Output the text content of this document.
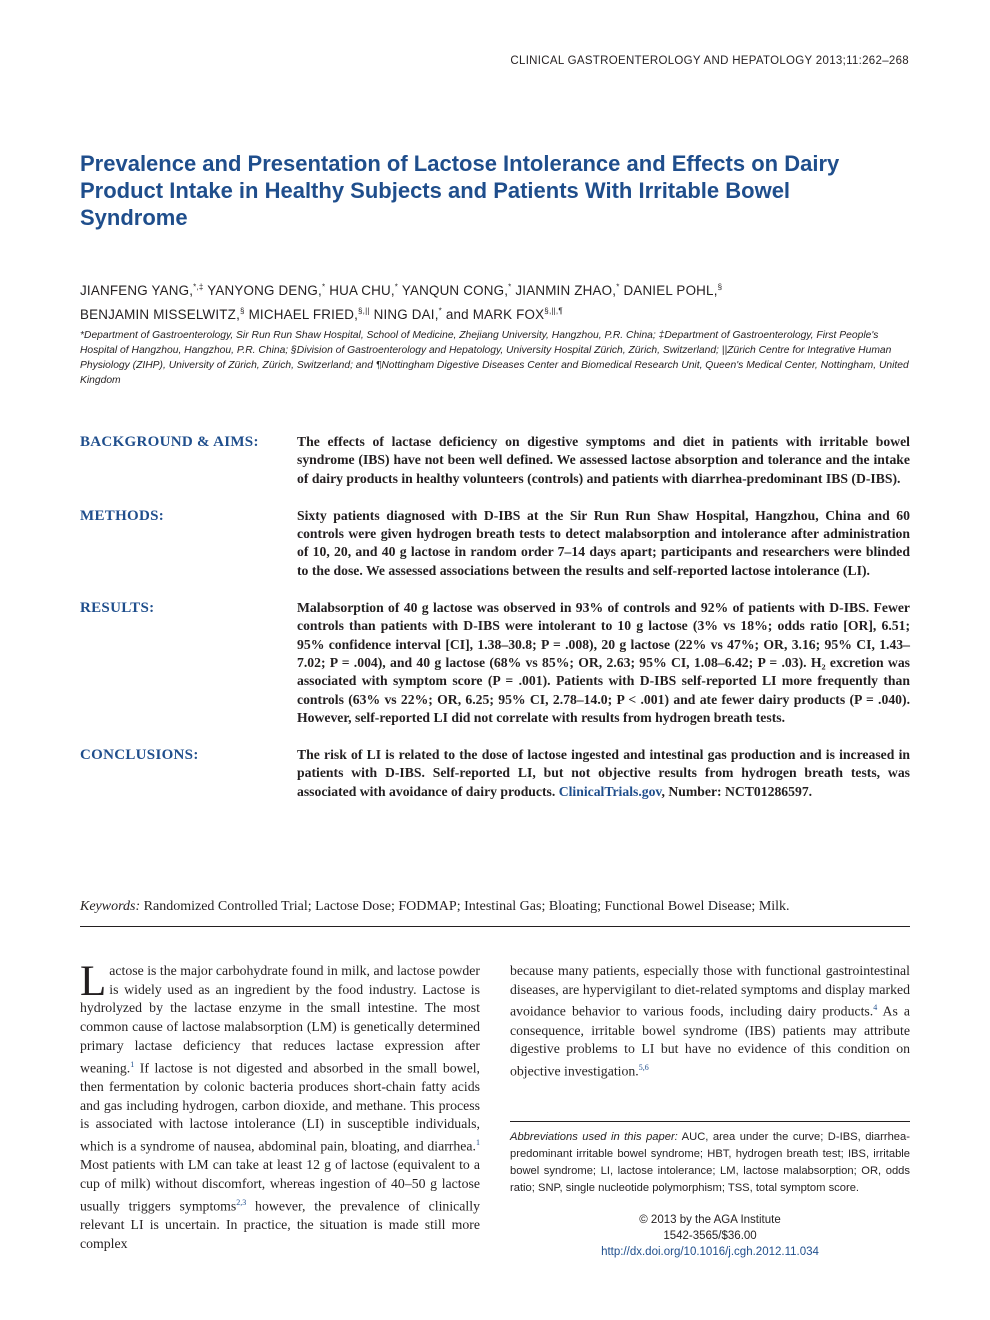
CLINICAL GASTROENTEROLOGY AND HEPATOLOGY 2013;11:262–268
Prevalence and Presentation of Lactose Intolerance and Effects on Dairy Product Intake in Healthy Subjects and Patients With Irritable Bowel Syndrome
JIANFENG YANG,*,‡ YANYONG DENG,* HUA CHU,* YANQUN CONG,* JIANMIN ZHAO,* DANIEL POHL,§
BENJAMIN MISSELWITZ,§ MICHAEL FRIED,§,|| NING DAI,* and MARK FOX§,||,¶
*Department of Gastroenterology, Sir Run Run Shaw Hospital, School of Medicine, Zhejiang University, Hangzhou, P.R. China; ‡Department of Gastroenterology, First People's Hospital of Hangzhou, Hangzhou, P.R. China; §Division of Gastroenterology and Hepatology, University Hospital Zürich, Zürich, Switzerland; ||Zürich Centre for Integrative Human Physiology (ZIHP), University of Zürich, Zürich, Switzerland; and ¶Nottingham Digestive Diseases Center and Biomedical Research Unit, Queen's Medical Center, Nottingham, United Kingdom
BACKGROUND & AIMS:	The effects of lactase deficiency on digestive symptoms and diet in patients with irritable bowel syndrome (IBS) have not been well defined. We assessed lactose absorption and tolerance and the intake of dairy products in healthy volunteers (controls) and patients with diarrhea-predominant IBS (D-IBS).
METHODS:	Sixty patients diagnosed with D-IBS at the Sir Run Run Shaw Hospital, Hangzhou, China and 60 controls were given hydrogen breath tests to detect malabsorption and intolerance after administration of 10, 20, and 40 g lactose in random order 7–14 days apart; participants and researchers were blinded to the dose. We assessed associations between the results and self-reported lactose intolerance (LI).
RESULTS:	Malabsorption of 40 g lactose was observed in 93% of controls and 92% of patients with D-IBS. Fewer controls than patients with D-IBS were intolerant to 10 g lactose (3% vs 18%; odds ratio [OR], 6.51; 95% confidence interval [CI], 1.38–30.8; P = .008), 20 g lactose (22% vs 47%; OR, 3.16; 95% CI, 1.43–7.02; P = .004), and 40 g lactose (68% vs 85%; OR, 2.63; 95% CI, 1.08–6.42; P = .03). H₂ excretion was associated with symptom score (P = .001). Patients with D-IBS self-reported LI more frequently than controls (63% vs 22%; OR, 6.25; 95% CI, 2.78–14.0; P < .001) and ate fewer dairy products (P = .040). However, self-reported LI did not correlate with results from hydrogen breath tests.
CONCLUSIONS:	The risk of LI is related to the dose of lactose ingested and intestinal gas production and is increased in patients with D-IBS. Self-reported LI, but not objective results from hydrogen breath tests, was associated with avoidance of dairy products. ClinicalTrials.gov, Number: NCT01286597.
Keywords: Randomized Controlled Trial; Lactose Dose; FODMAP; Intestinal Gas; Bloating; Functional Bowel Disease; Milk.
Lactose is the major carbohydrate found in milk, and lactose powder is widely used as an ingredient by the food industry. Lactose is hydrolyzed by the lactase enzyme in the small intestine. The most common cause of lactose malabsorption (LM) is genetically determined primary lactase deficiency that reduces lactase expression after weaning.$^1$ If lactose is not digested and absorbed in the small bowel, then fermentation by colonic bacteria produces short-chain fatty acids and gas including hydrogen, carbon dioxide, and methane. This process is associated with lactose intolerance (LI) in susceptible individuals, which is a syndrome of nausea, abdominal pain, bloating, and diarrhea.$^1$ Most patients with LM can take at least 12 g of lactose (equivalent to a cup of milk) without discomfort, whereas ingestion of 40–50 g lactose usually triggers symptoms$^{2,3}$ however, the prevalence of clinically relevant LI is uncertain. In practice, the situation is made still more complex
because many patients, especially those with functional gastrointestinal diseases, are hypervigilant to diet-related symptoms and display marked avoidance behavior to various foods, including dairy products.$^4$ As a consequence, irritable bowel syndrome (IBS) patients may attribute digestive problems to LI but have no evidence of this condition on objective investigation.$^{5,6}$
Abbreviations used in this paper: AUC, area under the curve; D-IBS, diarrhea-predominant irritable bowel syndrome; HBT, hydrogen breath test; IBS, irritable bowel syndrome; LI, lactose intolerance; LM, lactose malabsorption; OR, odds ratio; SNP, single nucleotide polymorphism; TSS, total symptom score.
© 2013 by the AGA Institute
1542-3565/$36.00
http://dx.doi.org/10.1016/j.cgh.2012.11.034
